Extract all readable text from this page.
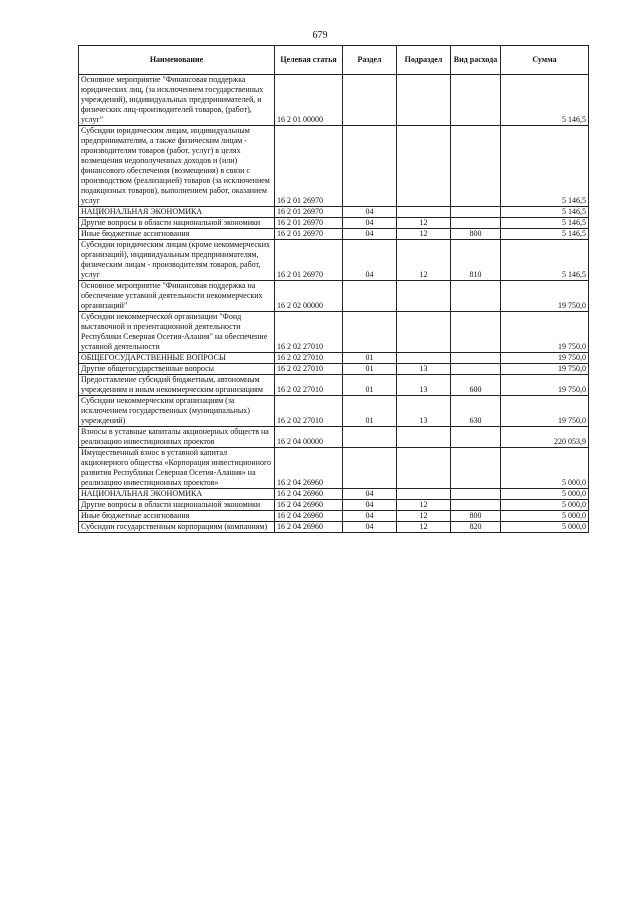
679
Наименование	Целевая статья	Раздел	Подраздел	Вид расхода	Сумма
Основное мероприятие "Финансовая поддержка юридических лиц, (за исключением государственных учреждений), индивидуальных предпринимателей, и физических лиц-производителей товаров, (работ), услуг"	16 2 01 00000				5 146,5
Субсидии юридическим лицам, индивидуальным предпринимателям, а также физическим лицам - производителям товаров (работ, услуг) в целях возмещения недополученных доходов и (или) финансового обеспечения (возмещения) в связи с производством (реализацией) товаров (за исключением подакцизных товаров), выполнением работ, оказанием услуг	16 2 01 26970				5 146,5
НАЦИОНАЛЬНАЯ ЭКОНОМИКА	16 2 01 26970	04			5 146,5
Другие вопросы в области национальной экономики	16 2 01 26970	04	12		5 146,5
Иные бюджетные ассигнования	16 2 01 26970	04	12	800	5 146,5
Субсидии юридическим лицам (кроме некоммерческих организаций), индивидуальным предпринимателям, физическим лицам - производителям товаров, работ, услуг	16 2 01 26970	04	12	810	5 146,5
Основное мероприятие "Финансовая поддержка на обеспечение уставной деятельности некоммерческих организаций"	16 2 02 00000				19 750,0
Субсидии некоммерческой организации "Фонд выставочной и презентационной деятельности Республики Северная Осетия-Алания" на обеспечение уставной деятельности	16 2 02 27010				19 750,0
ОБЩЕГОСУДАРСТВЕННЫЕ ВОПРОСЫ	16 2 02 27010	01			19 750,0
Другие общегосударственные вопросы	16 2 02 27010	01	13		19 750,0
Предоставление субсидий бюджетным, автономным учреждениям и иным некоммерческим организациям	16 2 02 27010	01	13	600	19 750,0
Субсидии некоммерческим организациям (за исключением государственных (муниципальных) учреждений)	16 2 02 27010	01	13	630	19 750,0
Взносы в уставные капиталы акционерных обществ на реализацию инвестиционных проектов	16 2 04 00000				220 053,9
Имущественный взнос в уставной капитал акционерного общества «Корпорация инвестиционного развития Республики Северная Осетия-Алания» на реализацию инвестиционных проектов»	16 2 04 26960				5 000,0
НАЦИОНАЛЬНАЯ ЭКОНОМИКА	16 2 04 26960	04			5 000,0
Другие вопросы в области национальной экономики	16 2 04 26960	04	12		5 000,0
Иные бюджетные ассигнования	16 2 04 26960	04	12	800	5 000,0
Субсидии государственным корпорациям (компаниям)	16 2 04 26960	04	12	820	5 000,0
